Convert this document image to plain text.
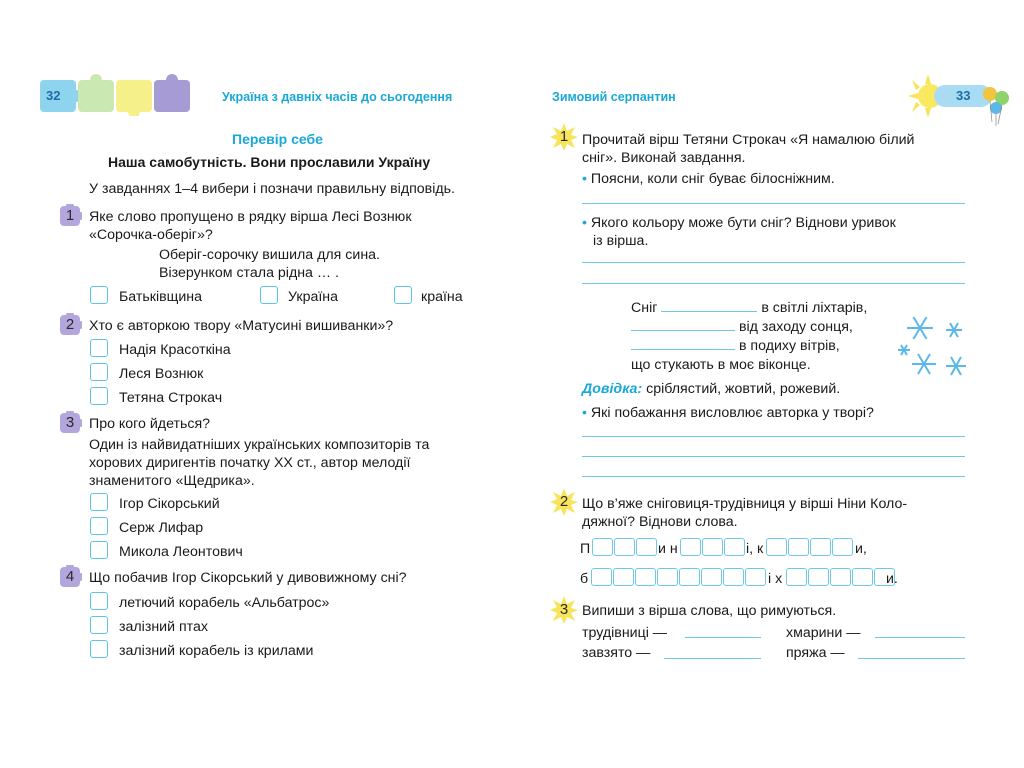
32	Україна з давніх часів до сьогодення
Перевір себе
Наша самобутність. Вони прославили Україну
У завданнях 1–4 вибери і позначи правильну відповідь.
1	Яке слово пропущено в рядку вірша Лесі Вознюк
«Сорочка-оберіг»?
Оберіг-сорочку вишила для сина.
Візерунком стала рідна … .
Батьківщина	Україна	країна
2	Хто є авторкою твору «Матусині вишиванки»?
Надія Красоткіна
Леся Вознюк
Тетяна Строкач
3	Про кого йдеться?
Один із найвидатніших українських композиторів та
хорових диригентів початку ХХ ст., автор мелодії
знаменитого «Щедрика».
Ігор Сікорський
Серж Лифар
Микола Леонтович
4	Що побачив Ігор Сікорський у дивовижному сні?
летючий корабель «Альбатрос»
залізний птах
залізний корабель із крилами
Зимовий серпантин	33
1 Прочитай вірш Тетяни Строкач «Я намалюю білий
сніг». Виконай завдання.
• Поясни, коли сніг буває білосніжним.
• Якого кольору може бути сніг? Віднови уривок
із вірша.
Сніг	в світлі ліхтарів,
від заходу сонця,
в подиху вітрів,
що стукають в моє віконце.
Довідка: сріблястий, жовтий, рожевий.
• Які побажання висловлює авторка у творі?
2 Що в’яже сніговиця-трудівниця у вірші Ніни Коло-
дяжної? Віднови слова.
П	и н	і, к	и,
б	і х	и.
3 Випиши з вірша слова, що римуються.
трудівниці —	хмарини —
завзято —	пряжа —
